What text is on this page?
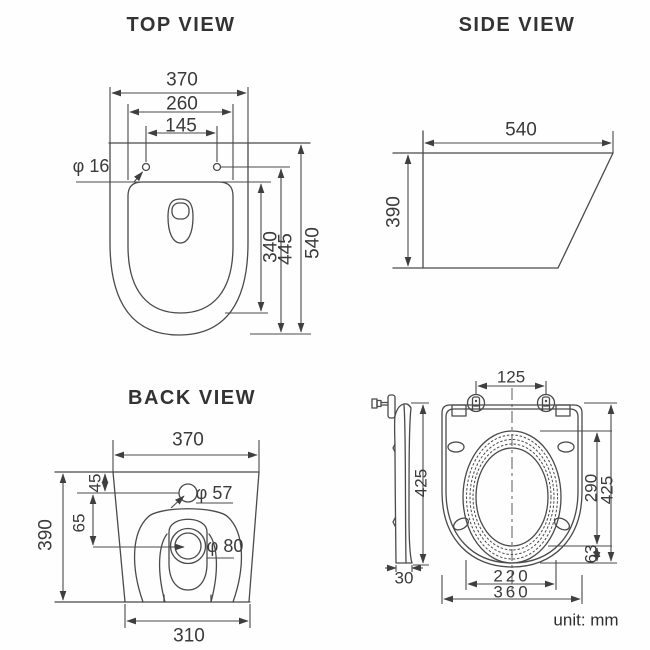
TOP VIEW
370
260
145
φ 16
340
445 540
SIDE VIEW
540
390
BACK VIEW
370
45
65
390
φ 57
φ 80
310
125
425
30
290
425
63
220
360
unit: mm
